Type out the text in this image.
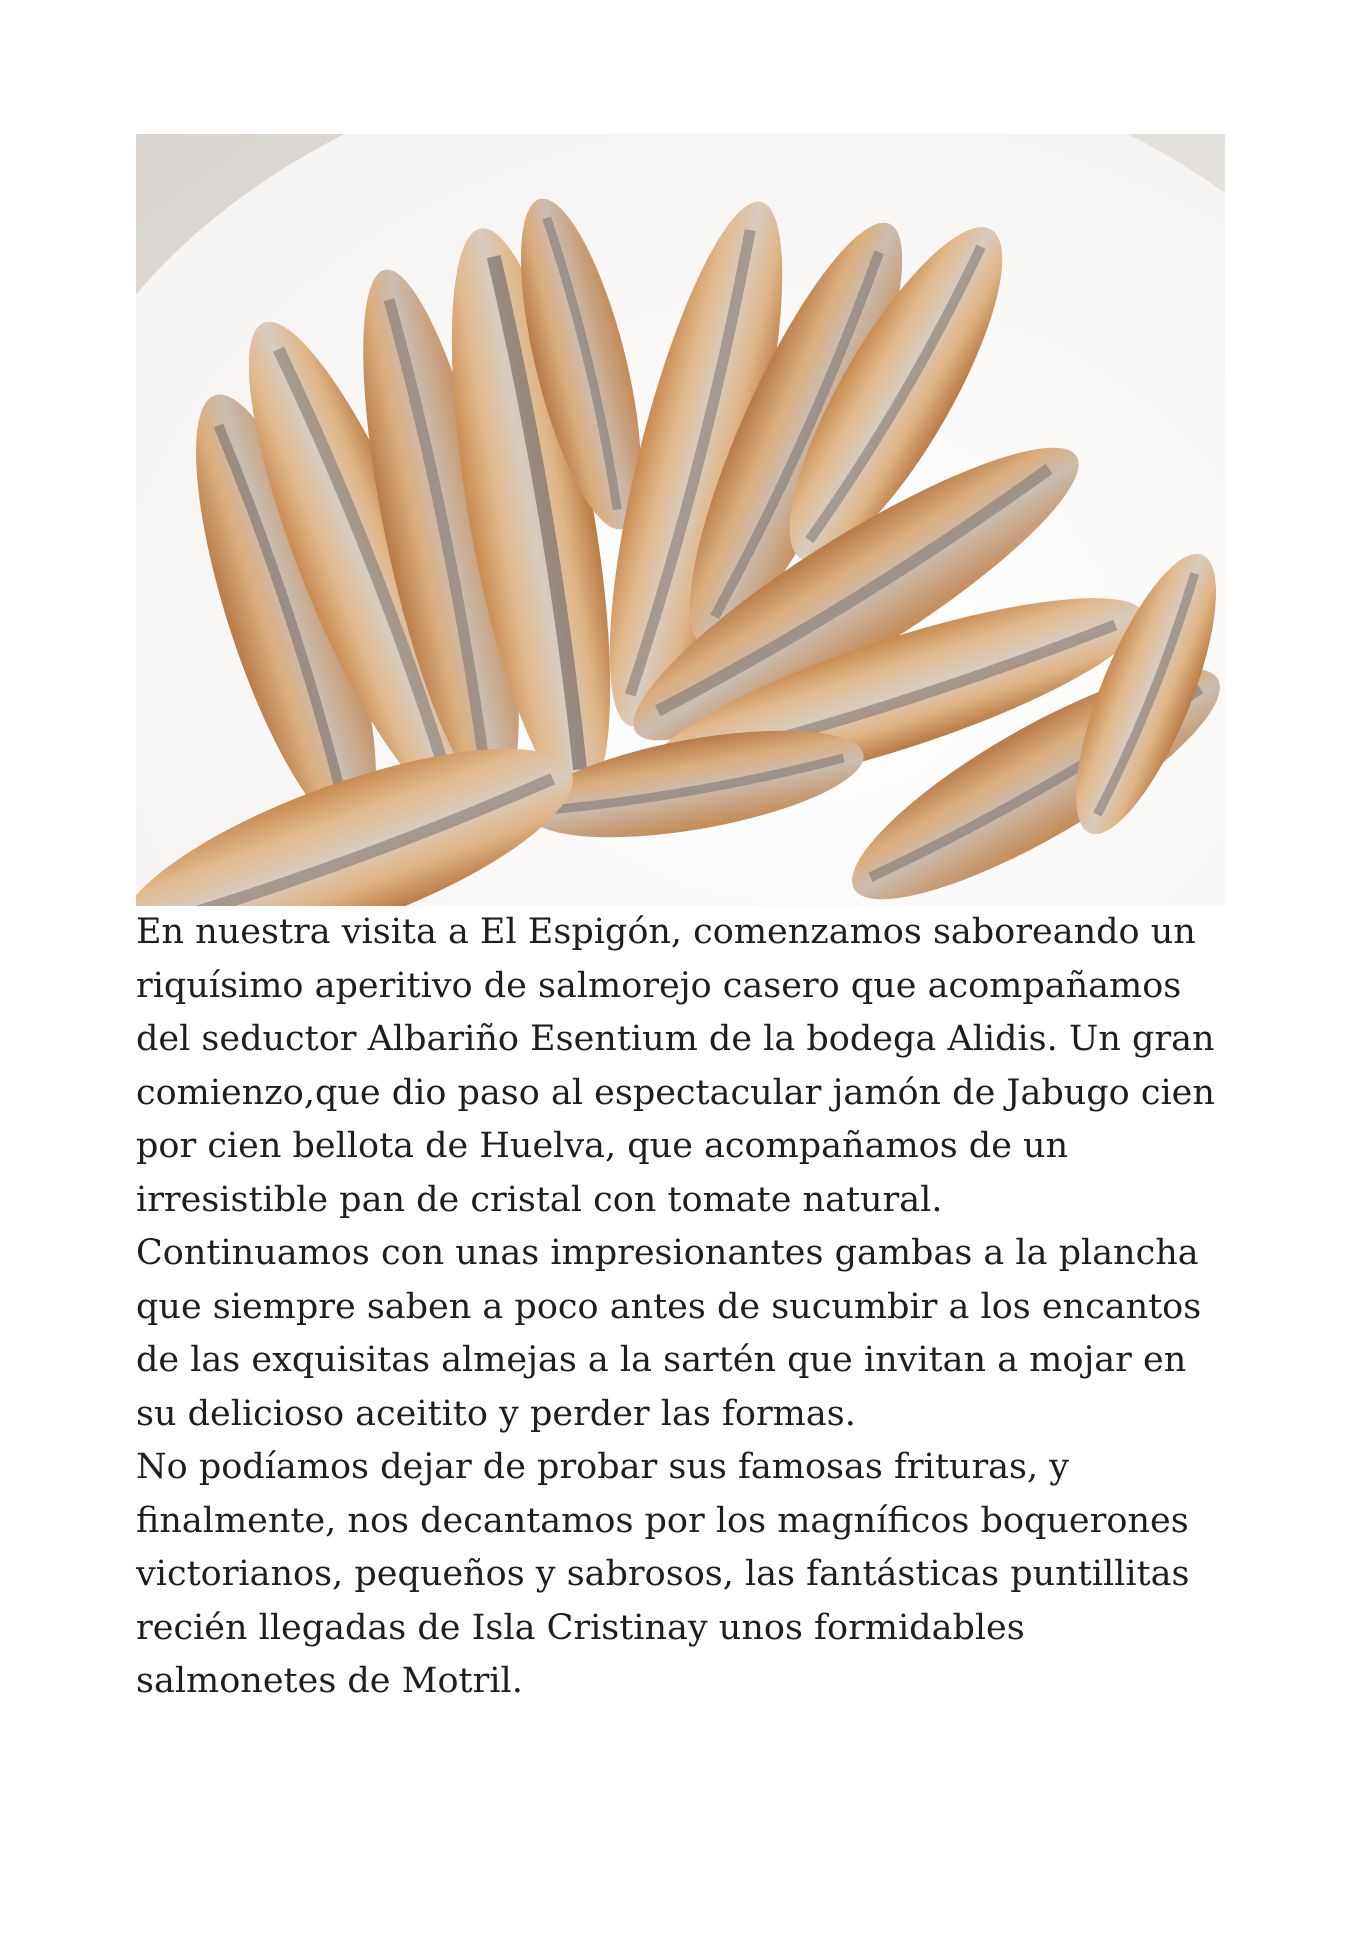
En nuestra visita a El Espigón, comenzamos saboreando un riquísimo aperitivo de salmorejo casero que acompañamos del seductor Albariño Esentium de la bodega Alidis. Un gran comienzo,que dio paso al espectacular jamón de Jabugo cien por cien bellota de Huelva, que acompañamos de un irresistible pan de cristal con tomate natural.

Continuamos con unas impresionantes gambas a la plancha que siempre saben a poco antes de sucumbir a los encantos de las exquisitas almejas a la sartén que invitan a mojar en su delicioso aceitito y perder las formas.

No podíamos dejar de probar sus famosas frituras, y finalmente, nos decantamos por los magníficos boquerones victorianos, pequeños y sabrosos, las fantásticas puntillitas recién llegadas de Isla Cristinay unos formidables salmonetes de Motril.
